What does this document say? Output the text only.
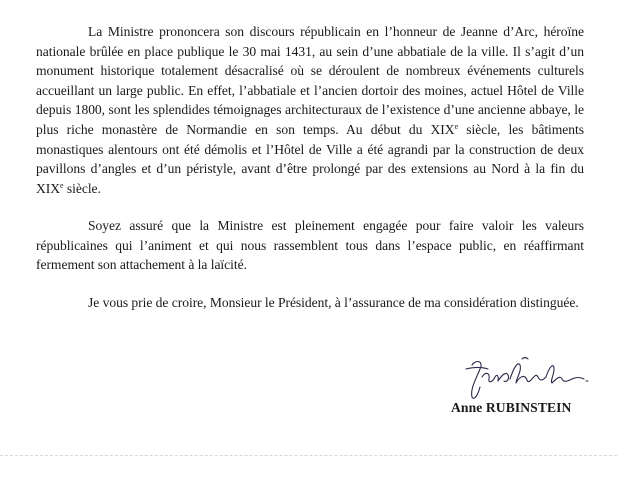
La Ministre prononcera son discours républicain en l’honneur de Jeanne d’Arc, héroïne nationale brûlée en place publique le 30 mai 1431, au sein d’une abbatiale de la ville. Il s’agit d’un monument historique totalement désacralisé où se déroulent de nombreux événements culturels accueillant un large public. En effet, l’abbatiale et l’ancien dortoir des moines, actuel Hôtel de Ville depuis 1800, sont les splendides témoignages architecturaux de l’existence d’une ancienne abbaye, le plus riche monastère de Normandie en son temps. Au début du XIXe siècle, les bâtiments monastiques alentours ont été démolis et l’Hôtel de Ville a été agrandi par la construction de deux pavillons d’angles et d’un péristyle, avant d’être prolongé par des extensions au Nord à la fin du XIXe siècle.

Soyez assuré que la Ministre est pleinement engagée pour faire valoir les valeurs républicaines qui l’animent et qui nous rassemblent tous dans l’espace public, en réaffirmant fermement son attachement à la laïcité.

Je vous prie de croire, Monsieur le Président, à l’assurance de ma considération distinguée.

Anne RUBINSTEIN
